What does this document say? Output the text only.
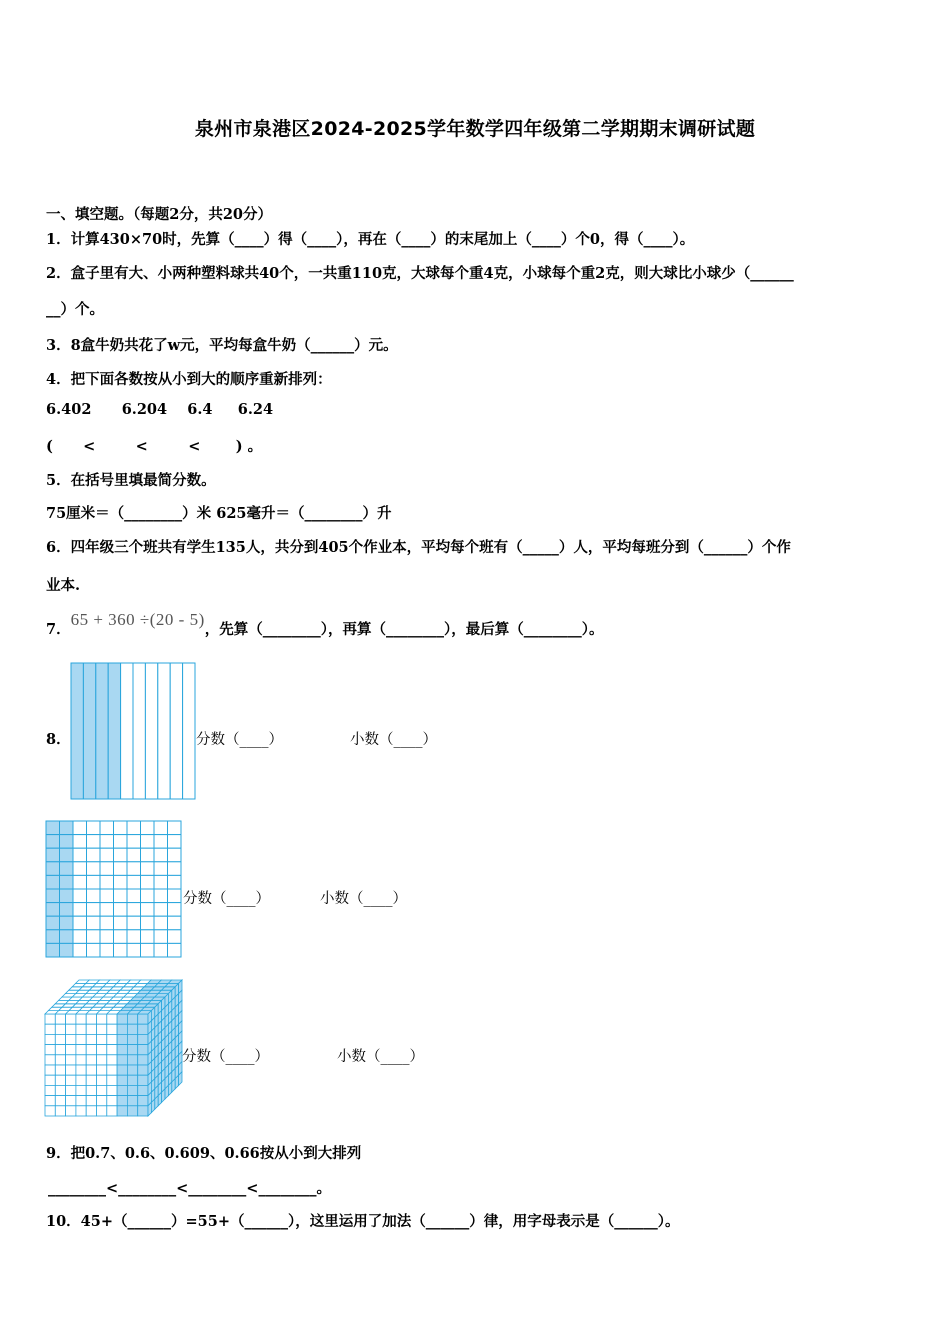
泉州市泉港区2024-2025学年数学四年级第二学期期末调研试题
一、填空题。（每题2分，共20分）
1．计算430×70时，先算（____）得（____），再在（____）的末尾加上（____）个0，得（____）。
2．盒子里有大、小两种塑料球共40个，一共重110克，大球每个重4克，小球每个重2克，则大球比小球少（______
__）个。
3．8盒牛奶共花了w元，平均每盒牛奶（______）元。
4．把下面各数按从小到大的顺序重新排列：
6.402      6.204    6.4     6.24
(      <        <        <       ) 。
5．在括号里填最简分数。
75厘米＝（________）米 625毫升＝（________）升
6．四年级三个班共有学生135人，共分到405个作业本，平均每个班有（_____）人，平均每班分到（______）个作
业本.
7．65 + 360 ÷(20 - 5)，先算（________），再算（________），最后算（________）。
8．	分数（____）	小数（____）
分数（____）	小数（____）
分数（____）	小数（____）
9．把0.7、0.6、0.609、0.66按从小到大排列
________<________<________<________。
10．45+（______）=55+（______），这里运用了加法（______）律，用字母表示是（______）。
